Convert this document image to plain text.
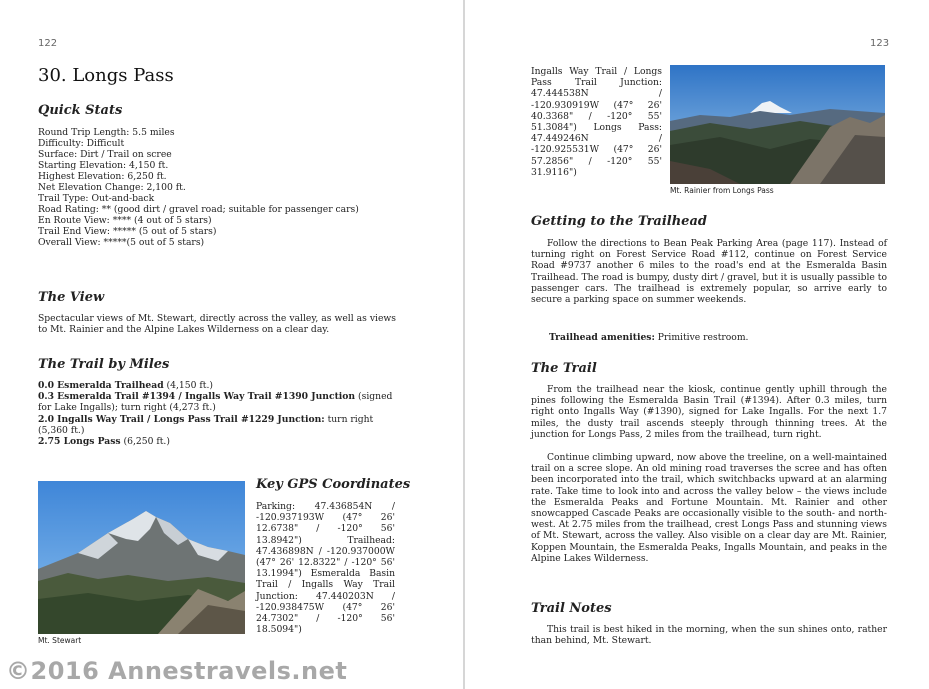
122
30. Longs Pass
Quick Stats
Round Trip Length: 5.5 miles
Difficulty: Difficult
Surface: Dirt / Trail on scree
Starting Elevation: 4,150 ft.
Highest Elevation: 6,250 ft.
Net Elevation Change: 2,100 ft.
Trail Type: Out-and-back
Road Rating: ** (good dirt / gravel road; suitable for passenger cars)
En Route View: **** (4 out of 5 stars)
Trail End View: ***** (5 out of 5 stars)
Overall View: *****(5 out of 5 stars)
The View

Spectacular views of Mt. Stewart, directly across the valley, as well as views to Mt. Rainier and the Alpine Lakes Wilderness on a clear day.

The Trail by Miles
0.0 Esmeralda Trailhead (4,150 ft.)
0.3 Esmeralda Trail #1394 / Ingalls Way Trail #1390 Junction (signed for Lake Ingalls); turn right (4,273 ft.)
2.0 Ingalls Way Trail / Longs Pass Trail #1229 Junction: turn right (5,360 ft.)
2.75 Longs Pass (6,250 ft.)
Mt. Stewart
Key GPS Coordinates

Parking: 47.436854N / -120.937193W (47° 26' 12.6738" / -120° 56' 13.8942") Trailhead: 47.436898N / -120.937000W (47° 26' 12.8322" / -120° 56' 13.1994") Esmeralda Basin Trail / Ingalls Way Trail Junction: 47.440203N / -120.938475W (47° 26' 24.7302" / -120° 56' 18.5094")

123

Ingalls Way Trail / Longs Pass Trail Junction: 47.444538N / -120.930919W (47° 26' 40.3368" / -120° 55' 51.3084") Longs Pass: 47.449246N / -120.925531W (47° 26' 57.2856" / -120° 55' 31.9116")

Mt. Rainier from Longs Pass
Getting to the Trailhead

Follow the directions to Bean Peak Parking Area (page 117). Instead of turning right on Forest Service Road #112, continue on Forest Service Road #9737 another 6 miles to the road's end at the Esmeralda Basin Trailhead. The road is bumpy, dusty dirt / gravel, but it is usually passible to passenger cars. The trailhead is extremely popular, so arrive early to secure a parking space on summer weekends.

Trailhead amenities: Primitive restroom.

The Trail

From the trailhead near the kiosk, continue gently uphill through the pines following the Esmeralda Basin Trail (#1394). After 0.3 miles, turn right onto Ingalls Way (#1390), signed for Lake Ingalls. For the next 1.7 miles, the dusty trail ascends steeply through thinning trees. At the junction for Longs Pass, 2 miles from the trailhead, turn right.

Continue climbing upward, now above the treeline, on a well-maintained trail on a scree slope. An old mining road traverses the scree and has often been incorporated into the trail, which switchbacks upward at an alarming rate. Take time to look into and across the valley below – the views include the Esmeralda Peaks and Fortune Mountain. Mt. Rainier and other snowcapped Cascade Peaks are occasionally visible to the south- and north-west. At 2.75 miles from the trailhead, crest Longs Pass and stunning views of Mt. Stewart, across the valley. Also visible on a clear day are Mt. Rainier, Koppen Mountain, the Esmeralda Peaks, Ingalls Mountain, and peaks in the Alpine Lakes Wilderness.

Trail Notes

This trail is best hiked in the morning, when the sun shines onto, rather than behind, Mt. Stewart.

©2016 Annestravels.net
